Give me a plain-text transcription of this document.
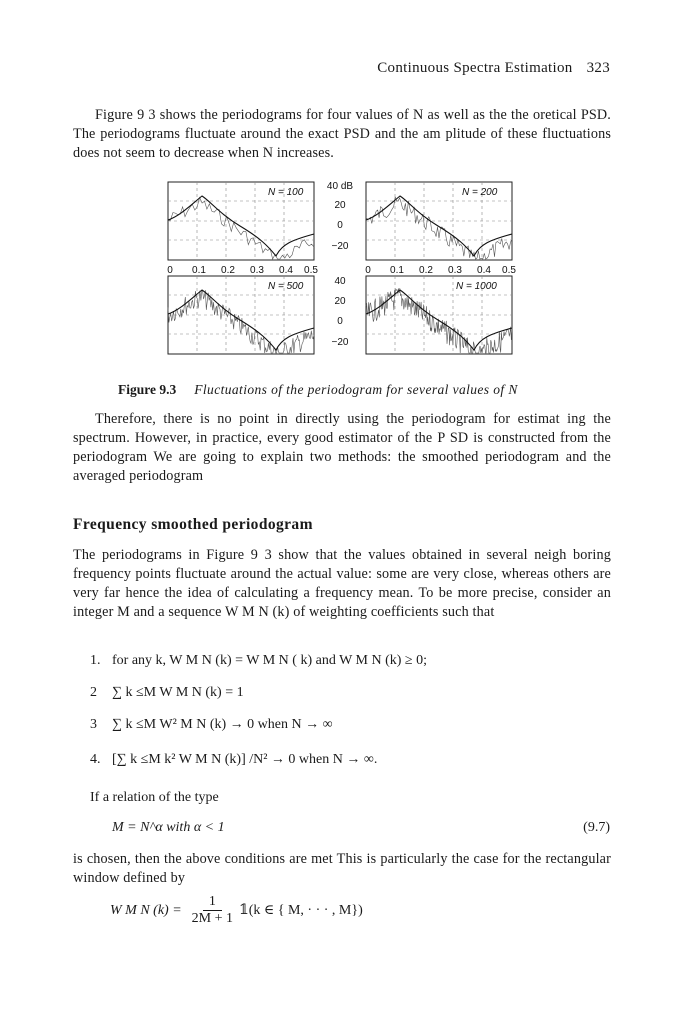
Continuous Spectra Estimation 323
Figure 9 3 shows the periodograms for four values of N as well as the the oretical PSD. The periodograms fluctuate around the exact PSD and the am plitude of these fluctuations does not seem to decrease when N increases.
N = 100	N = 200
N = 500	N = 1000
40 dB
20
0
−20
40
20
0
−20
0 0.1 0.2 0.3 0.4 0.5	0 0.1 0.2 0.3 0.4 0.5
Figure 9.3 Fluctuations of the periodogram for several values of N
Therefore, there is no point in directly using the periodogram for estimat ing the spectrum. However, in practice, every good estimator of the P SD is constructed from the periodogram We are going to explain two methods: the smoothed periodogram and the averaged periodogram
Frequency smoothed periodogram
The periodograms in Figure 9 3 show that the values obtained in several neigh boring frequency points fluctuate around the actual value: some are very close, whereas others are very far hence the idea of calculating a frequency mean. To be more precise, consider an integer M and a sequence W M N (k) of weighting coefficients such that
1. for any k, W M N (k) = W M N ( k) and W M N (k) ≥ 0;
2 ∑ k ≤M W M N (k) = 1
3 ∑ k ≤M W² M N (k) → 0 when N → ∞
4. [∑ k ≤M k² W M N (k)] /N² → 0 when N → ∞.
If a relation of the type
M = N^α with α < 1	(9.7)
is chosen, then the above conditions are met This is particularly the case for the rectangular window defined by
W M N $(k) = \frac{1}{2M + 1}$ 𝟙(k ∈ { M, · · · , M})
